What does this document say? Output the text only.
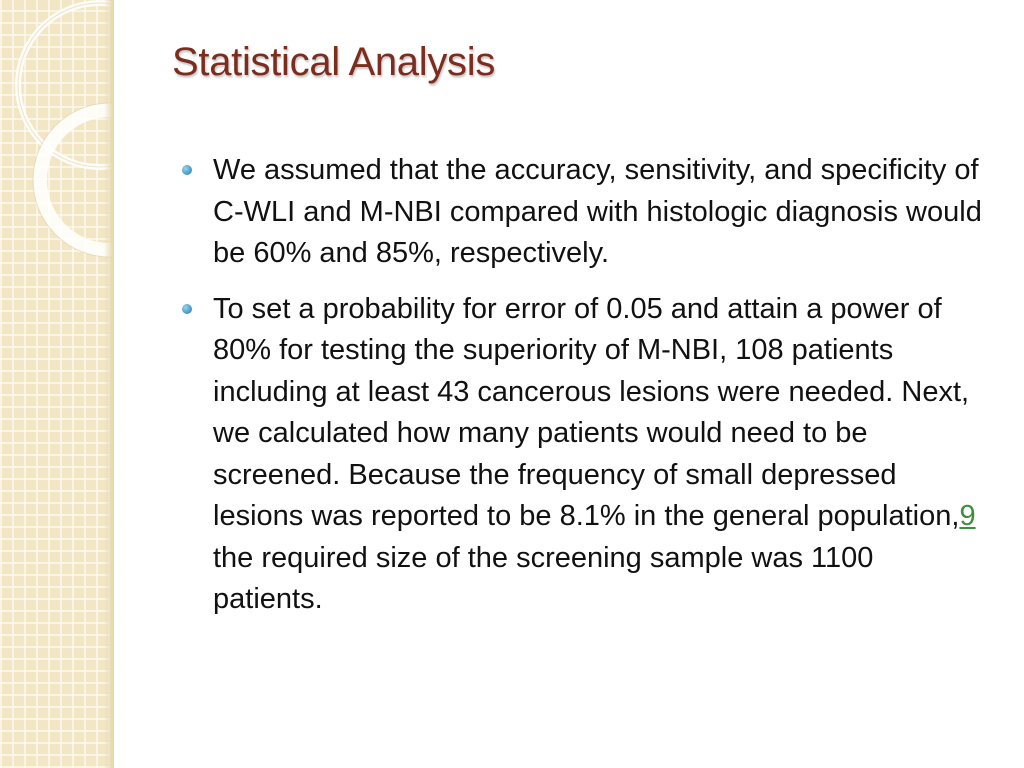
Statistical Analysis
We assumed that the accuracy, sensitivity, and specificity of C-WLI and M-NBI compared with histologic diagnosis would be 60% and 85%, respectively.
To set a probability for error of 0.05 and attain a power of 80% for testing the superiority of M-NBI, 108 patients including at least 43 cancerous lesions were needed. Next, we calculated how many patients would need to be screened. Because the frequency of small depressed lesions was reported to be 8.1% in the general population,9 the required size of the screening sample was 1100 patients.
